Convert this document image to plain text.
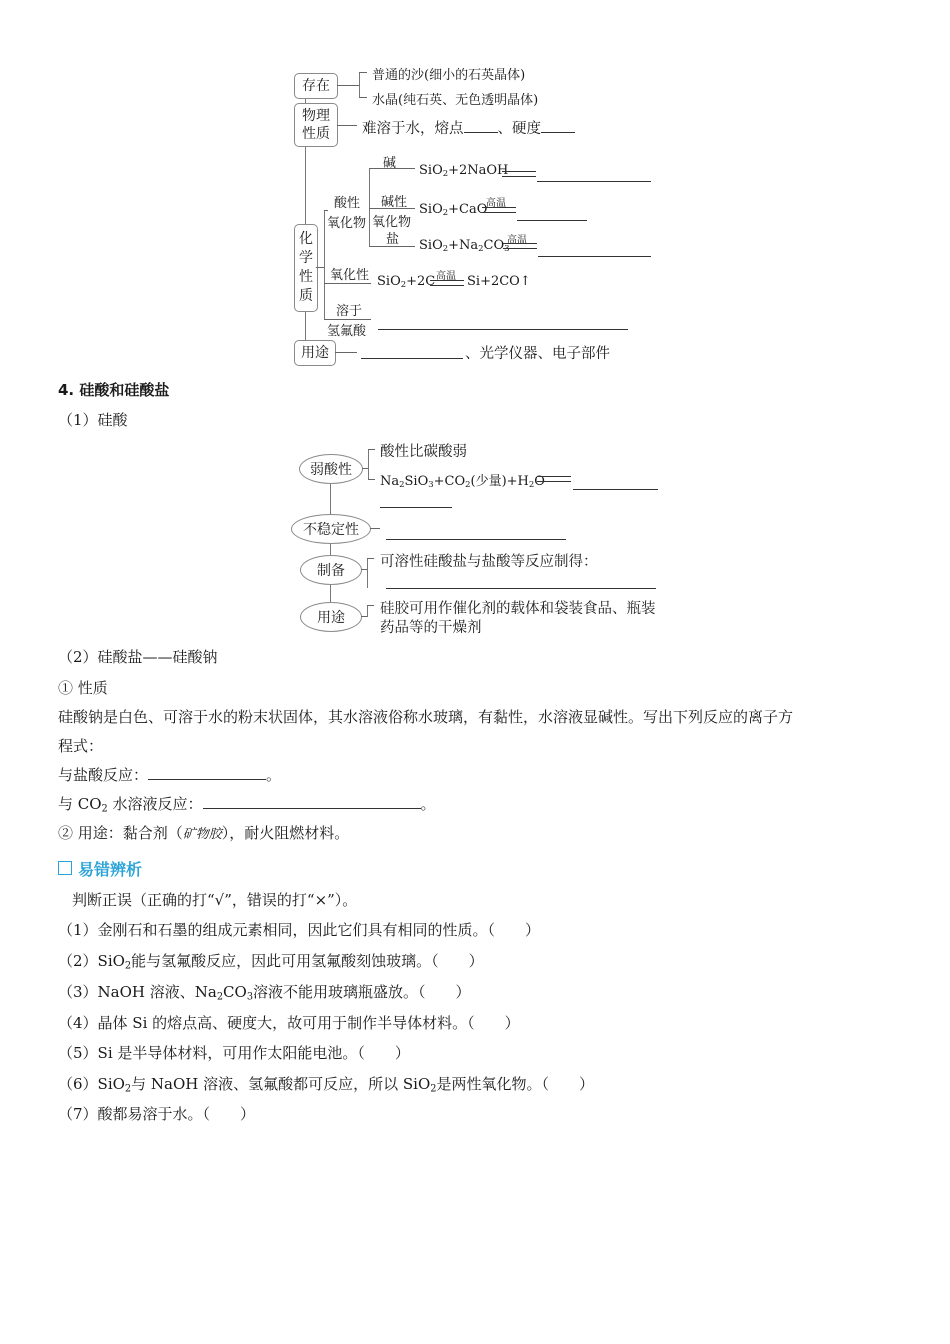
存在
普通的沙(细小的石英晶体)
水晶(纯石英、无色透明晶体)
物理
性质 难溶于水，熔点 、硬度
化
学
性
质
酸性
氧化物
碱
碱性
氧化物
盐
SiO$_2$+2NaOH
SiO$_2$+CaO
高温
$SiO_2+Na_2CO_3$
高温
氧化性 SiO$_2$+2C 高温 Si+2CO↑
溶于
氢氟酸
用途	、光学仪器、电子部件
4. 硅酸和硅酸盐
（1）硅酸
弱酸性
酸性比碳酸弱
$Na_2SiO_3+CO_2$(少量)$+H_2O$
不稳定性
制备
可溶性硅酸盐与盐酸等反应制得：
用途
硅胶可用作催化剂的载体和袋装食品、瓶装
药品等的干燥剂
（2）硅酸盐——硅酸钠
① 性质
硅酸钠是白色、可溶于水的粉末状固体，其水溶液俗称水玻璃，有黏性，水溶液显碱性。写出下列反应的离子方
程式：
与盐酸反应：	。
与 $CO_2$ 水溶液反应：	。
② 用途：黏合剂（矿物胶），耐火阻燃材料。
易错辨析
判断正误（正确的打“√”，错误的打“×”）。
（1）金刚石和石墨的组成元素相同，因此它们具有相同的性质。（　　）
（2）SiO$_2$能与氢氟酸反应，因此可用氢氟酸刻蚀玻璃。（　　）
（3）NaOH 溶液、$Na_2CO_3$溶液不能用玻璃瓶盛放。（　　）
（4）晶体 Si 的熔点高、硬度大，故可用于制作半导体材料。（　　）
（5）Si 是半导体材料，可用作太阳能电池。（　　）
（6）SiO$_2$与 NaOH 溶液、氢氟酸都可反应，所以 SiO$_2$是两性氧化物。（　　）
（7）酸都易溶于水。（　　）
